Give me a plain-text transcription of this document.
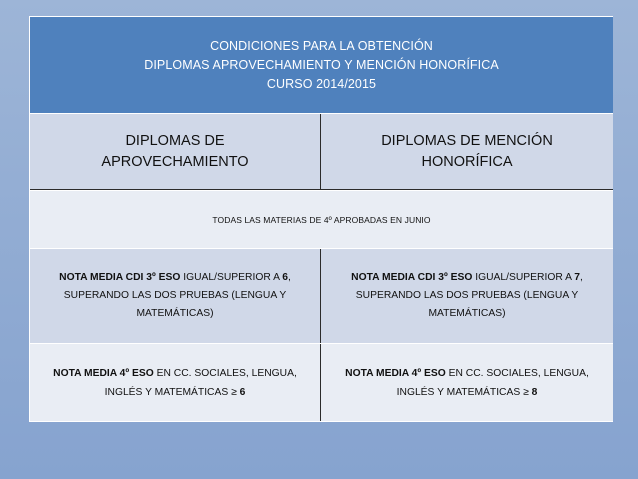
CONDICIONES PARA LA OBTENCIÓN
DIPLOMAS APROVECHAMIENTO Y MENCIÓN HONORÍFICA
CURSO 2014/2015
DIPLOMAS DE
APROVECHAMIENTO
DIPLOMAS DE MENCIÓN
HONORÍFICA
TODAS LAS MATERIAS DE 4º APROBADAS EN JUNIO
NOTA MEDIA CDI 3º ESO IGUAL/SUPERIOR A 6,
SUPERANDO LAS DOS PRUEBAS (LENGUA Y
MATEMÁTICAS)
NOTA MEDIA CDI 3º ESO IGUAL/SUPERIOR A 7,
SUPERANDO LAS DOS PRUEBAS (LENGUA Y
MATEMÁTICAS)
NOTA MEDIA 4º ESO EN CC. SOCIALES, LENGUA,
INGLÉS Y MATEMÁTICAS ≥ 6
NOTA MEDIA 4º ESO EN CC. SOCIALES, LENGUA,
INGLÉS Y MATEMÁTICAS ≥ 8
